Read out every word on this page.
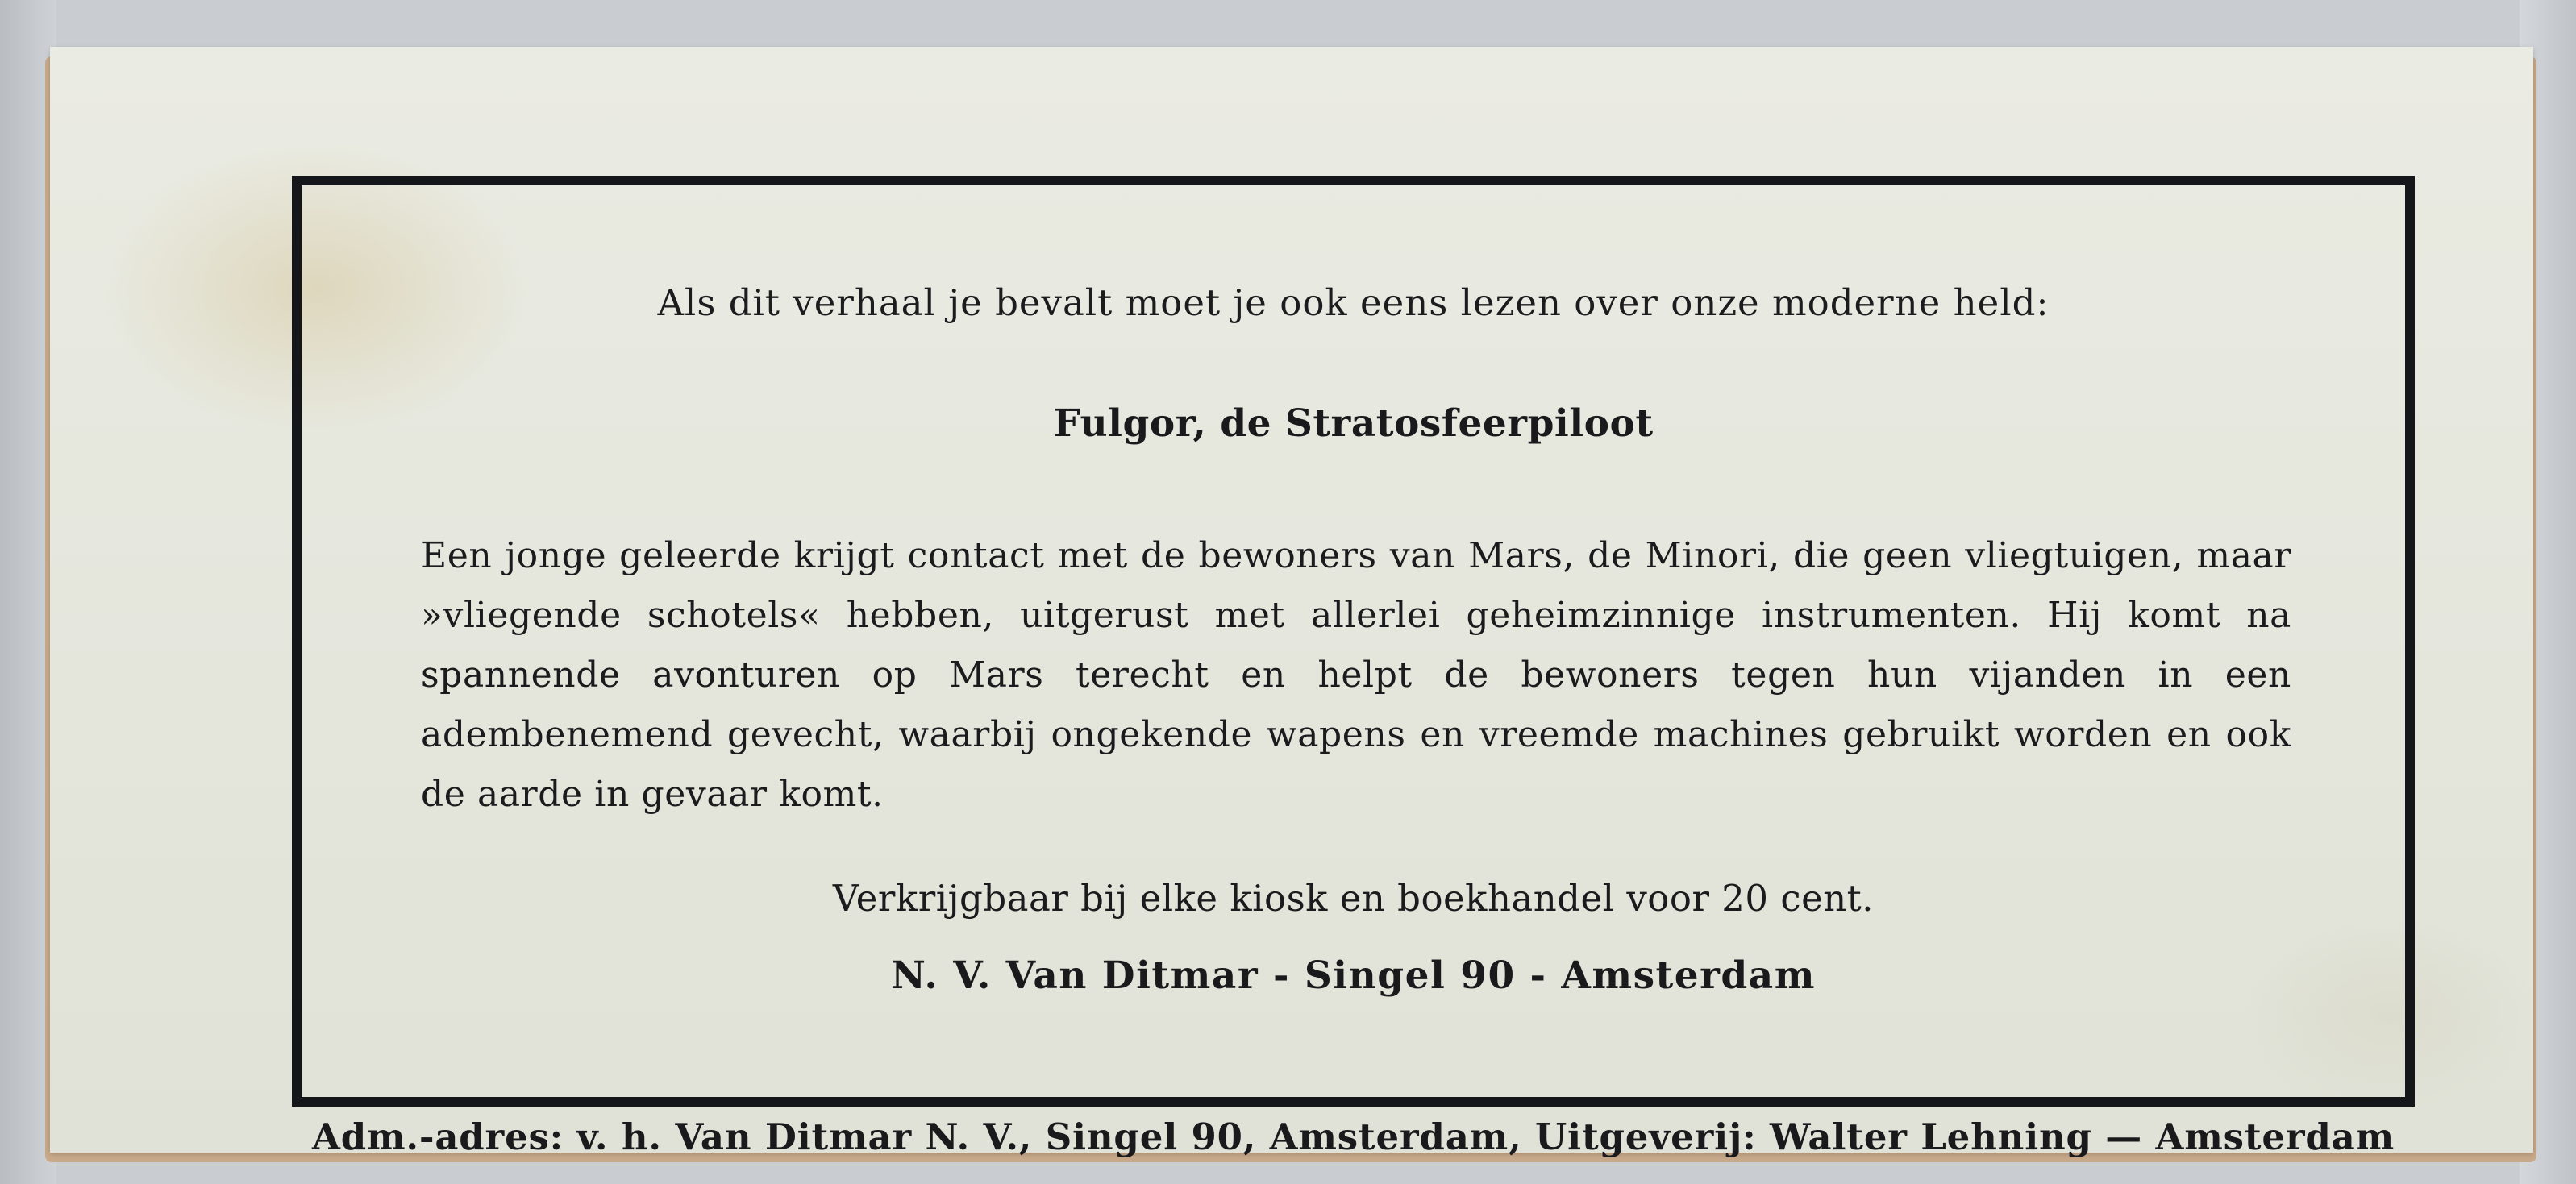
Als dit verhaal je bevalt moet je ook eens lezen over onze moderne held:
Fulgor, de Stratosfeerpiloot
Een jonge geleerde krijgt contact met de bewoners van Mars, de Minori, die geen vliegtuigen, maar »vliegende schotels« hebben, uitgerust met allerlei geheimzinnige instrumenten. Hij komt na spannende avonturen op Mars terecht en helpt de bewoners tegen hun vijanden in een adembenemend gevecht, waarbij ongekende wapens en vreemde machines gebruikt worden en ook de aarde in gevaar komt.
Verkrijgbaar bij elke kiosk en boekhandel voor 20 cent.
N. V. Van Ditmar - Singel 90 - Amsterdam
Adm.-adres: v. h. Van Ditmar N. V., Singel 90, Amsterdam, Uitgeverij: Walter Lehning — Amsterdam
